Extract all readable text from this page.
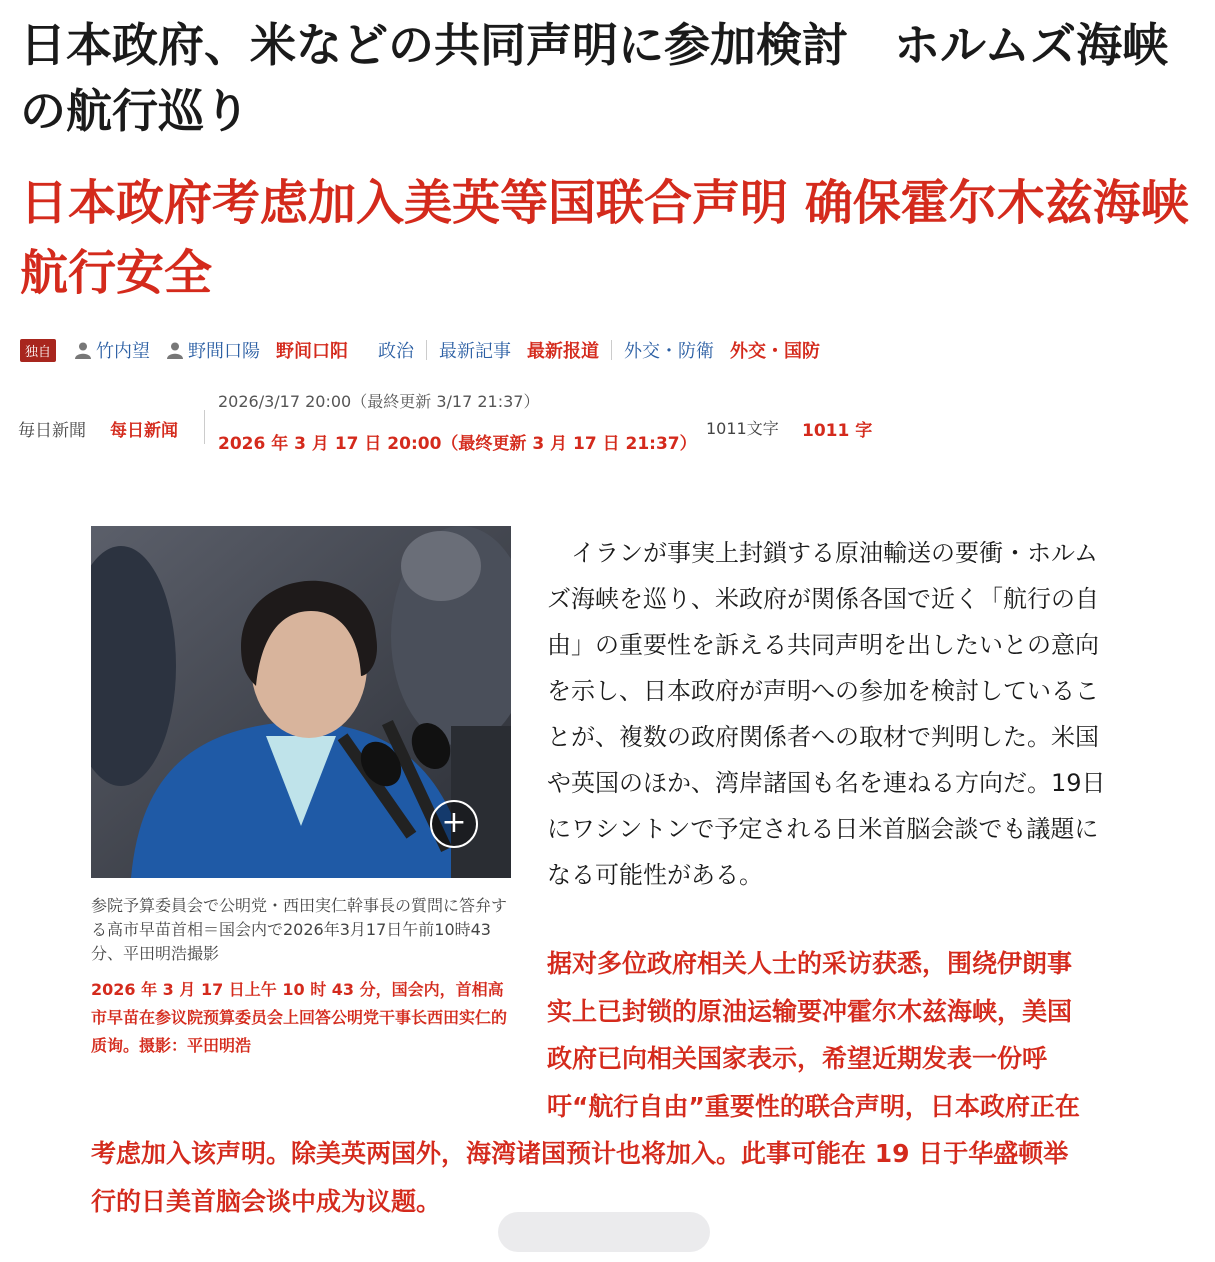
日本政府、米などの共同声明に参加検討　ホルムズ海峡の航行巡り
日本政府考虑加入美英等国联合声明 确保霍尔木兹海峡航行安全
独自	竹内望 野間口陽 野间口阳 政治 最新記事 最新报道 外交・防衛 外交・国防
毎日新聞 每日新闻
2026/3/17 20:00（最終更新 3/17 21:37）
2026 年 3 月 17 日 20:00（最终更新 3 月 17 日 21:37）
1011文字 1011 字
+
参院予算委員会で公明党・西田実仁幹事長の質問に答弁する高市早苗首相＝国会内で2026年3月17日午前10時43分、平田明浩撮影
2026 年 3 月 17 日上午 10 时 43 分，国会内，首相高市早苗在参议院预算委员会上回答公明党干事长西田实仁的质询。摄影：平田明浩
　イランが事実上封鎖する原油輸送の要衝・ホルムズ海峡を巡り、米政府が関係各国で近く「航行の自由」の重要性を訴える共同声明を出したいとの意向を示し、日本政府が声明への参加を検討していることが、複数の政府関係者への取材で判明した。米国や英国のほか、湾岸諸国も名を連ねる方向だ。19日にワシントンで予定される日米首脳会談でも議題になる可能性がある。
据对多位政府相关人士的采访获悉，围绕伊朗事实上已封锁的原油运输要冲霍尔木兹海峡，美国政府已向相关国家表示，希望近期发表一份呼吁“航行自由”重要性的联合声明，日本政府正在考虑加入该声明。除美英两国外，海湾诸国预计也将加入。此事可能在 19 日于华盛顿举行的日美首脑会谈中成为议题。
